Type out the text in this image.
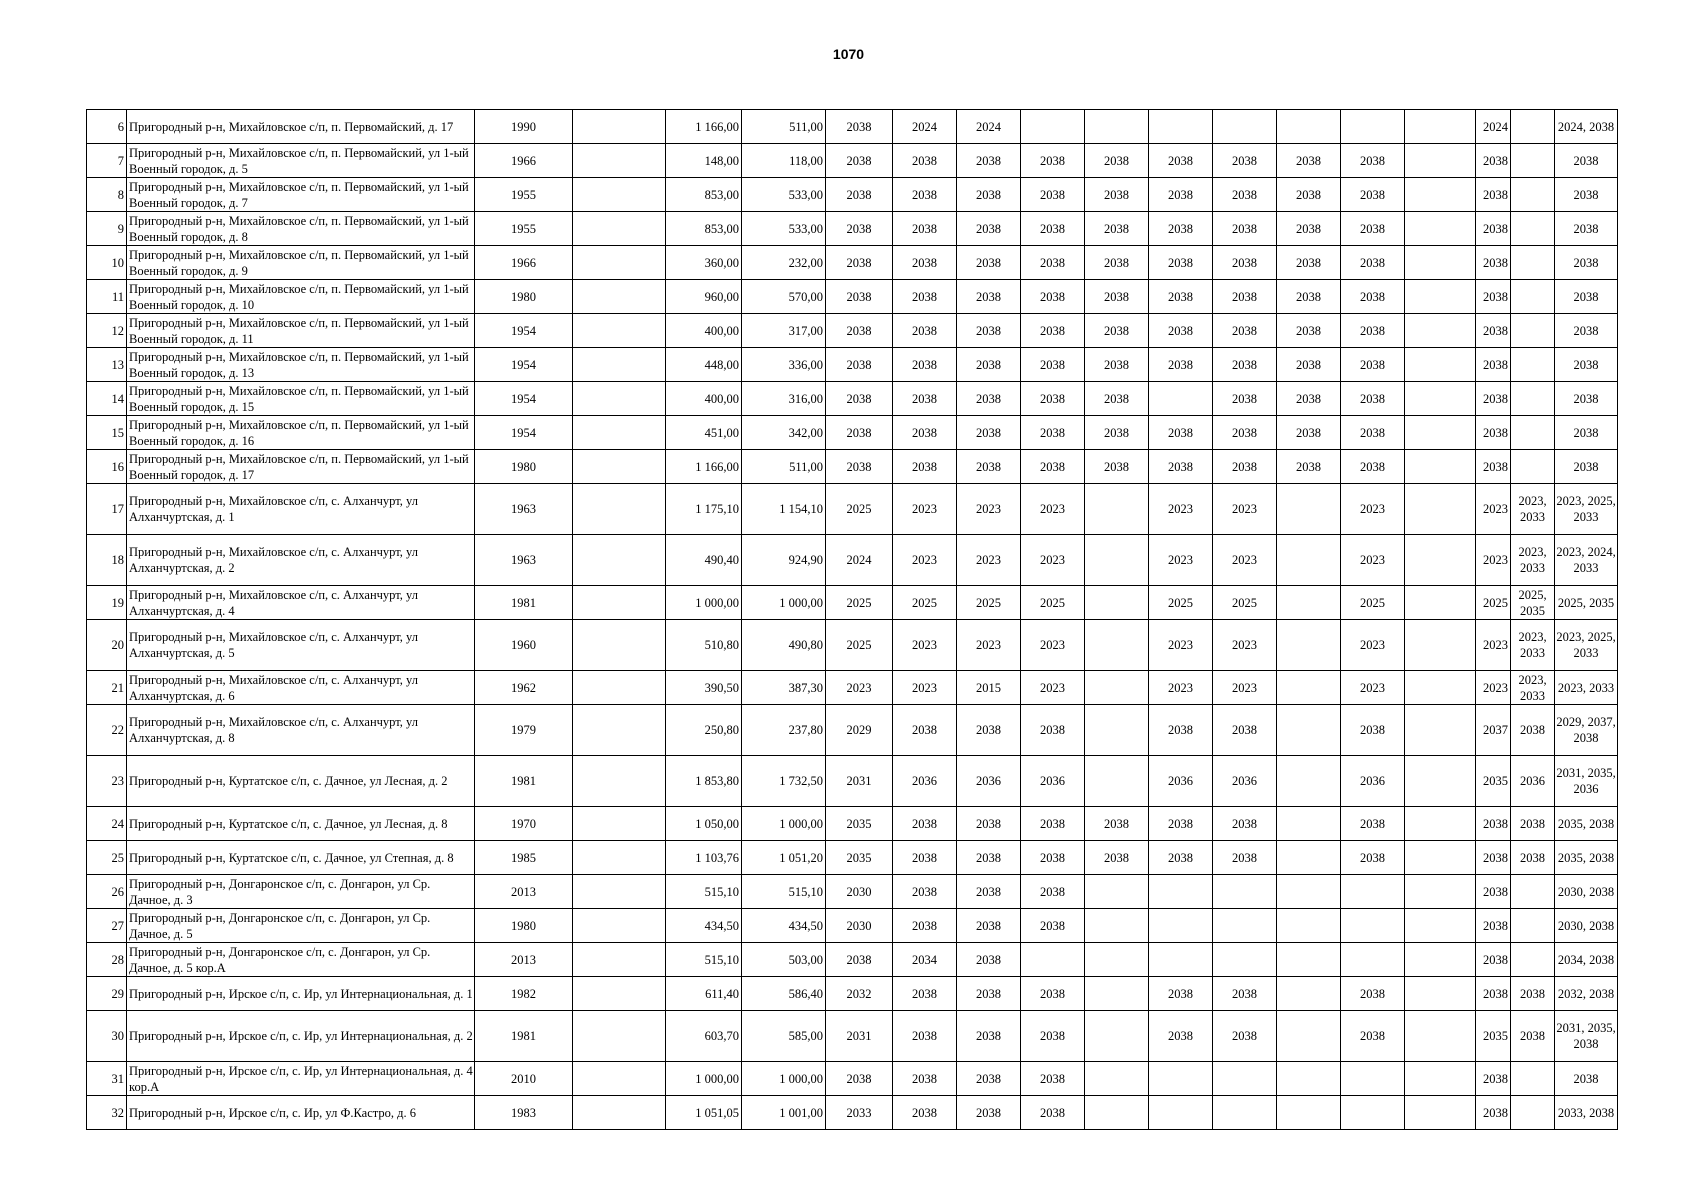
1070
6	Пригородный р-н, Михайловское с/п, п. Первомайский, д. 17	1990		1 166,00	511,00	2038	2024	2024								2024		2024, 2038
7	Пригородный р-н, Михайловское с/п, п. Первомайский, ул 1-ый Военный городок, д. 5	1966		148,00	118,00	2038	2038	2038	2038	2038	2038	2038	2038	2038		2038		2038
8	Пригородный р-н, Михайловское с/п, п. Первомайский, ул 1-ый Военный городок, д. 7	1955		853,00	533,00	2038	2038	2038	2038	2038	2038	2038	2038	2038		2038		2038
9	Пригородный р-н, Михайловское с/п, п. Первомайский, ул 1-ый Военный городок, д. 8	1955		853,00	533,00	2038	2038	2038	2038	2038	2038	2038	2038	2038		2038		2038
10	Пригородный р-н, Михайловское с/п, п. Первомайский, ул 1-ый Военный городок, д. 9	1966		360,00	232,00	2038	2038	2038	2038	2038	2038	2038	2038	2038		2038		2038
11	Пригородный р-н, Михайловское с/п, п. Первомайский, ул 1-ый Военный городок, д. 10	1980		960,00	570,00	2038	2038	2038	2038	2038	2038	2038	2038	2038		2038		2038
12	Пригородный р-н, Михайловское с/п, п. Первомайский, ул 1-ый Военный городок, д. 11	1954		400,00	317,00	2038	2038	2038	2038	2038	2038	2038	2038	2038		2038		2038
13	Пригородный р-н, Михайловское с/п, п. Первомайский, ул 1-ый Военный городок, д. 13	1954		448,00	336,00	2038	2038	2038	2038	2038	2038	2038	2038	2038		2038		2038
14	Пригородный р-н, Михайловское с/п, п. Первомайский, ул 1-ый Военный городок, д. 15	1954		400,00	316,00	2038	2038	2038	2038	2038		2038	2038	2038		2038		2038
15	Пригородный р-н, Михайловское с/п, п. Первомайский, ул 1-ый Военный городок, д. 16	1954		451,00	342,00	2038	2038	2038	2038	2038	2038	2038	2038	2038		2038		2038
16	Пригородный р-н, Михайловское с/п, п. Первомайский, ул 1-ый Военный городок, д. 17	1980		1 166,00	511,00	2038	2038	2038	2038	2038	2038	2038	2038	2038		2038		2038
17	Пригородный р-н, Михайловское с/п, с. Алханчурт, ул Алханчуртская, д. 1	1963		1 175,10	1 154,10	2025	2023	2023	2023		2023	2023		2023		2023	2023, 2033	2023, 2025, 2033
18	Пригородный р-н, Михайловское с/п, с. Алханчурт, ул Алханчуртская, д. 2	1963		490,40	924,90	2024	2023	2023	2023		2023	2023		2023		2023	2023, 2033	2023, 2024, 2033
19	Пригородный р-н, Михайловское с/п, с. Алханчурт, ул Алханчуртская, д. 4	1981		1 000,00	1 000,00	2025	2025	2025	2025		2025	2025		2025		2025	2025, 2035	2025, 2035
20	Пригородный р-н, Михайловское с/п, с. Алханчурт, ул Алханчуртская, д. 5	1960		510,80	490,80	2025	2023	2023	2023		2023	2023		2023		2023	2023, 2033	2023, 2025, 2033
21	Пригородный р-н, Михайловское с/п, с. Алханчурт, ул Алханчуртская, д. 6	1962		390,50	387,30	2023	2023	2015	2023		2023	2023		2023		2023	2023, 2033	2023, 2033
22	Пригородный р-н, Михайловское с/п, с. Алханчурт, ул Алханчуртская, д. 8	1979		250,80	237,80	2029	2038	2038	2038		2038	2038		2038		2037	2038	2029, 2037, 2038
23	Пригородный р-н, Куртатское с/п, с. Дачное, ул Лесная, д. 2	1981		1 853,80	1 732,50	2031	2036	2036	2036		2036	2036		2036		2035	2036	2031, 2035, 2036
24	Пригородный р-н, Куртатское с/п, с. Дачное, ул Лесная, д. 8	1970		1 050,00	1 000,00	2035	2038	2038	2038	2038	2038	2038		2038		2038	2038	2035, 2038
25	Пригородный р-н, Куртатское с/п, с. Дачное, ул Степная, д. 8	1985		1 103,76	1 051,20	2035	2038	2038	2038	2038	2038	2038		2038		2038	2038	2035, 2038
26	Пригородный р-н, Донгаронское с/п, с. Донгарон, ул Ср. Дачное, д. 3	2013		515,10	515,10	2030	2038	2038	2038							2038		2030, 2038
27	Пригородный р-н, Донгаронское с/п, с. Донгарон, ул Ср. Дачное, д. 5	1980		434,50	434,50	2030	2038	2038	2038							2038		2030, 2038
28	Пригородный р-н, Донгаронское с/п, с. Донгарон, ул Ср. Дачное, д. 5 кор.А	2013		515,10	503,00	2038	2034	2038								2038		2034, 2038
29	Пригородный р-н, Ирское с/п, с. Ир, ул Интернациональная, д. 1	1982		611,40	586,40	2032	2038	2038	2038		2038	2038		2038		2038	2038	2032, 2038
30	Пригородный р-н, Ирское с/п, с. Ир, ул Интернациональная, д. 2	1981		603,70	585,00	2031	2038	2038	2038		2038	2038		2038		2035	2038	2031, 2035, 2038
31	Пригородный р-н, Ирское с/п, с. Ир, ул Интернациональная, д. 4 кор.А	2010		1 000,00	1 000,00	2038	2038	2038	2038							2038		2038
32	Пригородный р-н, Ирское с/п, с. Ир, ул Ф.Кастро, д. 6	1983		1 051,05	1 001,00	2033	2038	2038	2038							2038		2033, 2038
